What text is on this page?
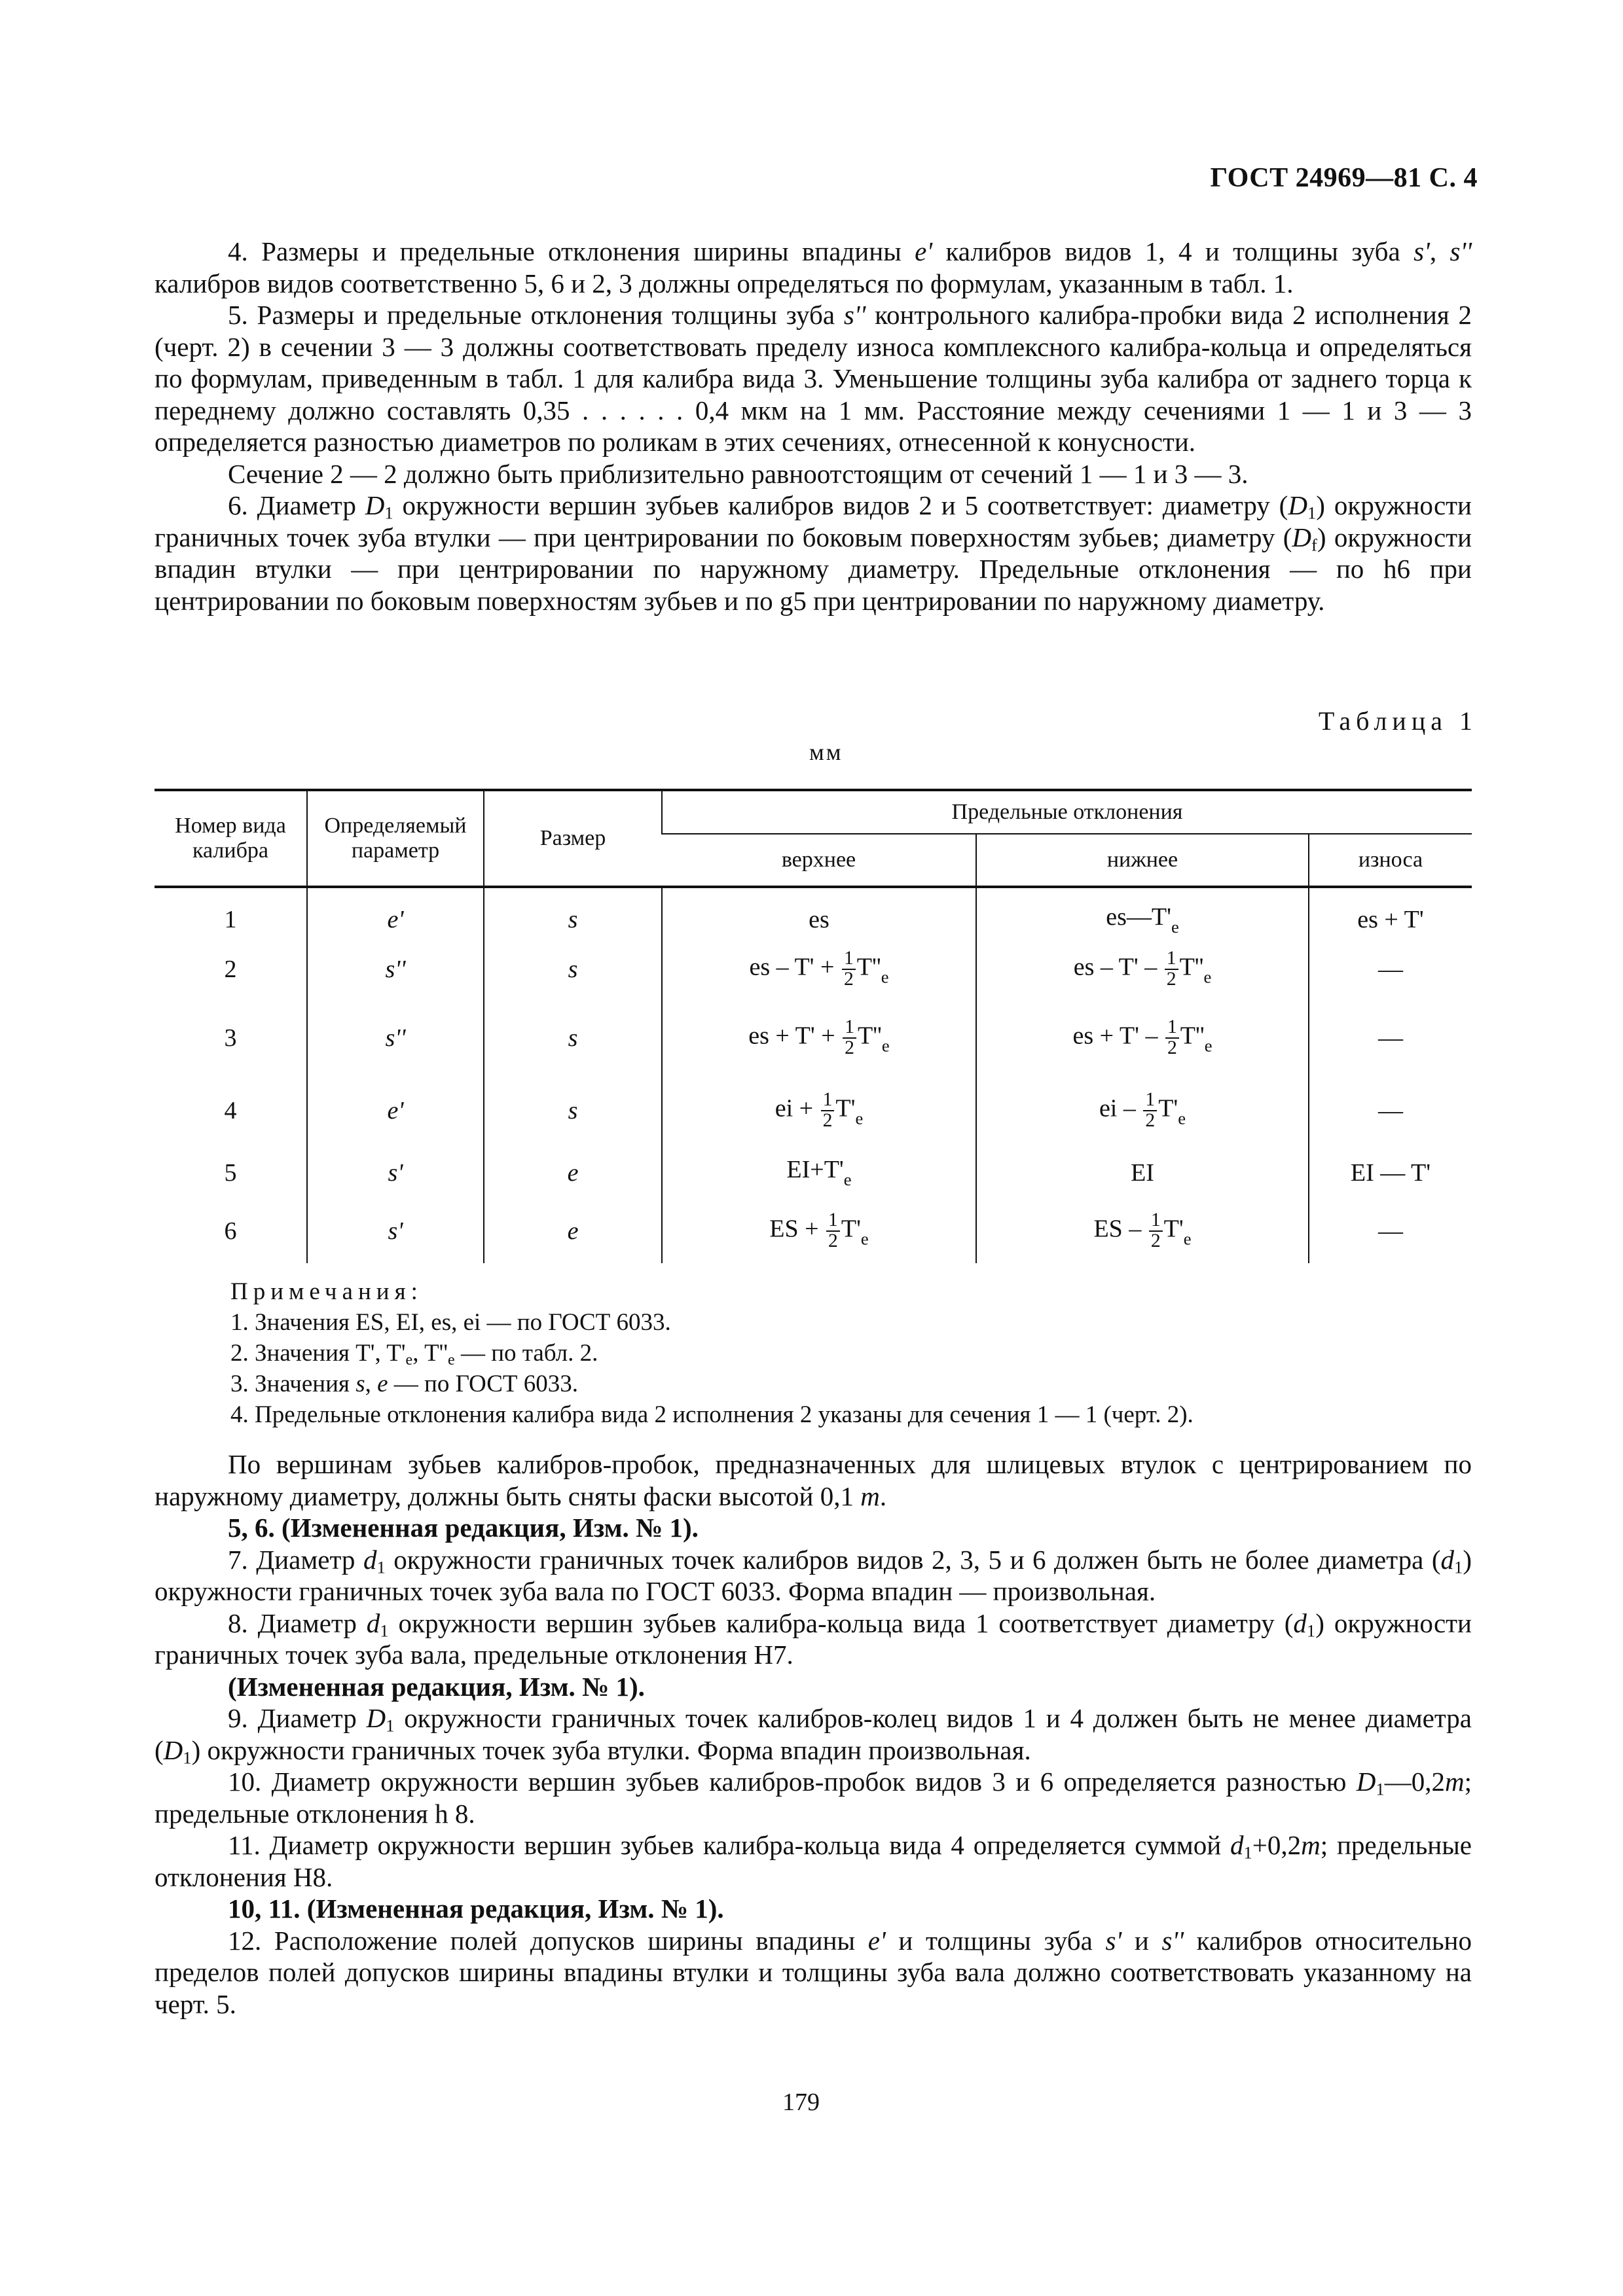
ГОСТ 24969—81 С. 4

4. Размеры и предельные отклонения ширины впадины e' калибров видов 1, 4 и толщины зуба s', s'' калибров видов соответственно 5, 6 и 2, 3 должны определяться по формулам, указанным в табл. 1.

5. Размеры и предельные отклонения толщины зуба s'' контрольного калибра-пробки вида 2 исполнения 2 (черт. 2) в сечении 3 — 3 должны соответствовать пределу износа комплексного калибра-кольца и определяться по формулам, приведенным в табл. 1 для калибра вида 3. Уменьшение толщины зуба калибра от заднего торца к переднему должно составлять 0,35 . . . . . . 0,4 мкм на 1 мм. Расстояние между сечениями 1 — 1 и 3 — 3 определяется разностью диаметров по роликам в этих сечениях, отнесенной к конусности.

Сечение 2 — 2 должно быть приблизительно равноотстоящим от сечений 1 — 1 и 3 — 3.

6. Диаметр $D_1$ окружности вершин зубьев калибров видов 2 и 5 соответствует: диаметру $(D_1)$ окружности граничных точек зуба втулки — при центрировании по боковым поверхностям зубьев; диаметру $(D_f)$ окружности впадин втулки — при центрировании по наружному диаметру. Предельные отклонения — по h6 при центрировании по боковым поверхностям зубьев и по g5 при центрировании по наружному диаметру.

Таблица 1
мм
Номер вида калибра	Определяемый параметр	Размер	Предельные отклонения		
			верхнее	нижнее	износа
1	e'	s	es	$es—T'_e$	es + T'
2	s''	s	es – $T' + \frac{1}{2} T''_e$	es – T' – $\frac{1}{2} T''_e$	—
3	s''	s	es + $T' + \frac{1}{2} T''_e$	es + T' – $\frac{1}{2} T''_e$	—
4	e'	s	ei + $\frac{1}{2} T'_e$	ei – $\frac{1}{2} T'_e$	—
5	s'	e	$EI+T'_e$	EI	EI — T'
6	s'	e	ES + $\frac{1}{2} T'_e$	ES – $\frac{1}{2} T'_e$	—
Примечания:
1. Значения ES, EI, es, ei — по ГОСТ 6033.
2. Значения T', $T'_e$, $T''_e$ — по табл. 2.
3. Значения s, e — по ГОСТ 6033.
4. Предельные отклонения калибра вида 2 исполнения 2 указаны для сечения 1 — 1 (черт. 2).

По вершинам зубьев калибров-пробок, предназначенных для шлицевых втулок с центрированием по наружному диаметру, должны быть сняты фаски высотой 0,1 m.

5, 6. (Измененная редакция, Изм. № 1).

7. Диаметр $d_1$ окружности граничных точек калибров видов 2, 3, 5 и 6 должен быть не более диаметра $(d_1)$ окружности граничных точек зуба вала по ГОСТ 6033. Форма впадин — произвольная.

8. Диаметр $d_1$ окружности вершин зубьев калибра-кольца вида 1 соответствует диаметру $(d_1)$ окружности граничных точек зуба вала, предельные отклонения H7.

(Измененная редакция, Изм. № 1).

9. Диаметр $D_1$ окружности граничных точек калибров-колец видов 1 и 4 должен быть не менее диаметра $(D_1)$ окружности граничных точек зуба втулки. Форма впадин произвольная.

10. Диаметр окружности вершин зубьев калибров-пробок видов 3 и 6 определяется разностью $D_1—0,2m$; предельные отклонения h 8.

11. Диаметр окружности вершин зубьев калибра-кольца вида 4 определяется суммой $d_1+0,2m$; предельные отклонения H8.

10, 11. (Измененная редакция, Изм. № 1).

12. Расположение полей допусков ширины впадины e' и толщины зуба s' и s'' калибров относительно пределов полей допусков ширины впадины втулки и толщины зуба вала должно соответствовать указанному на черт. 5.

179
